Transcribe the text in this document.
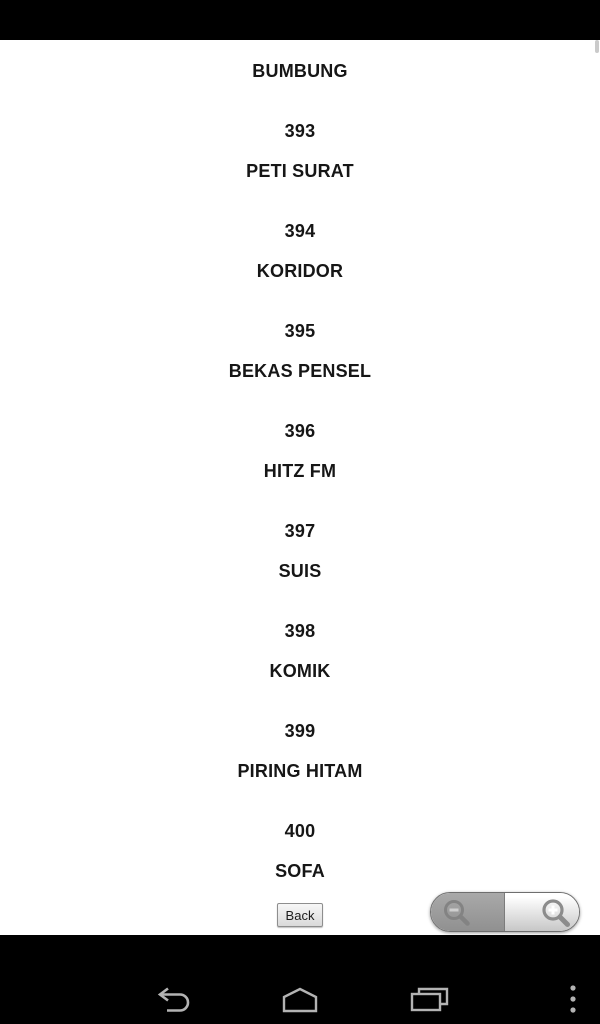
BUMBUNG
393
PETI SURAT
394
KORIDOR
395
BEKAS PENSEL
396
HITZ FM
397
SUIS
398
KOMIK
399
PIRING HITAM
400
SOFA
Back
